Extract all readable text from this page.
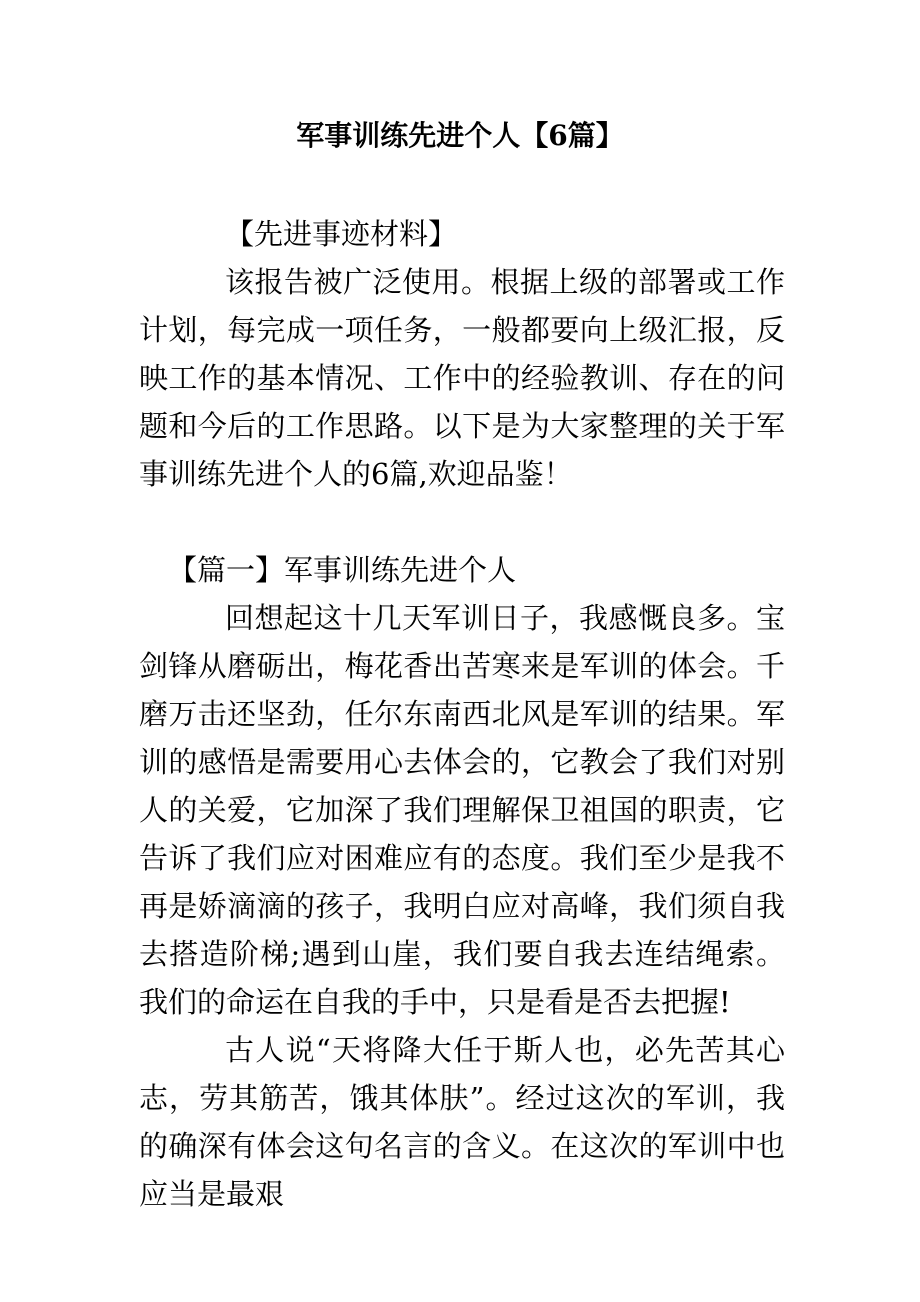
军事训练先进个人【6篇】

【先进事迹材料】

该报告被广泛使用。根据上级的部署或工作计划，每完成一项任务，一般都要向上级汇报，反映工作的基本情况、工作中的经验教训、存在的问题和今后的工作思路。以下是为大家整理的关于军事训练先进个人的6篇,欢迎品鉴！

【篇一】军事训练先进个人

回想起这十几天军训日子，我感慨良多。宝剑锋从磨砺出，梅花香出苦寒来是军训的体会。千磨万击还坚劲，任尔东南西北风是军训的结果。军训的感悟是需要用心去体会的，它教会了我们对别人的关爱，它加深了我们理解保卫祖国的职责，它告诉了我们应对困难应有的态度。我们至少是我不再是娇滴滴的孩子，我明白应对高峰，我们须自我去搭造阶梯;遇到山崖，我们要自我去连结绳索。我们的命运在自我的手中，只是看是否去把握!

古人说“天将降大任于斯人也，必先苦其心志，劳其筋苦，饿其体肤”。经过这次的军训，我的确深有体会这句名言的含义。在这次的军训中也应当是最艰
